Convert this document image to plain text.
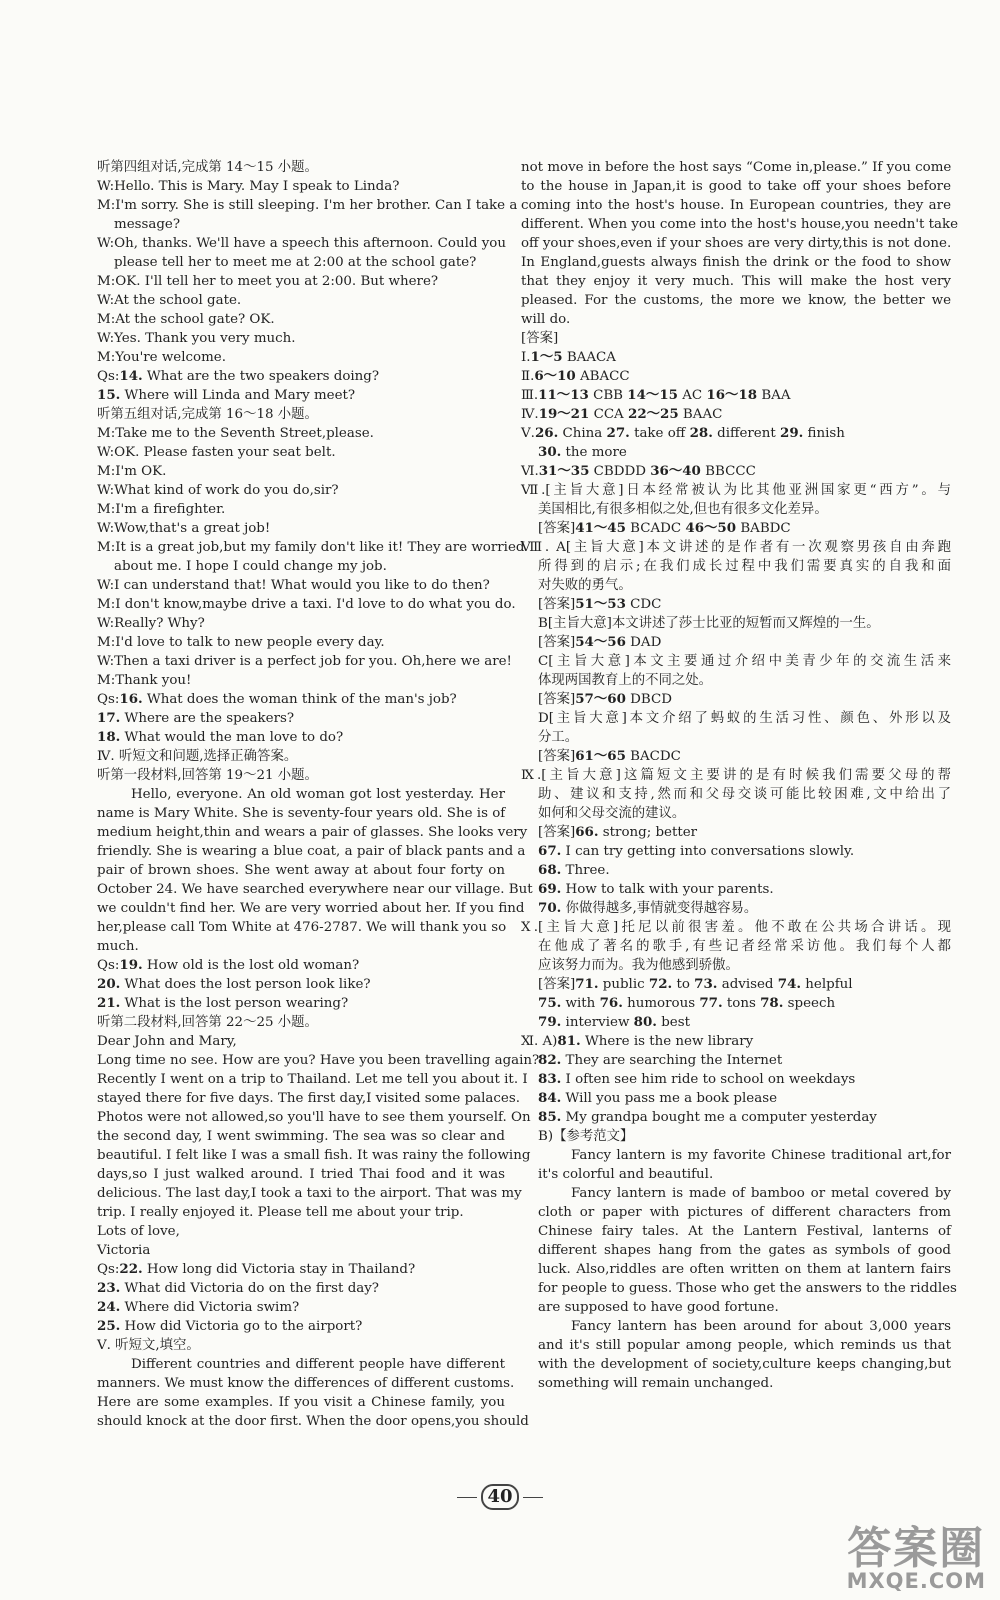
听第四组对话,完成第 14～15 小题。
W:Hello. This is Mary. May I speak to Linda?
M:I'm sorry. She is still sleeping. I'm her brother. Can I take a
message?
W:Oh, thanks. We'll have a speech this afternoon. Could you
please tell her to meet me at 2:00 at the school gate?
M:OK. I'll tell her to meet you at 2:00. But where?
W:At the school gate.
M:At the school gate? OK.
W:Yes. Thank you very much.
M:You're welcome.
Qs:14. What are the two speakers doing?
15. Where will Linda and Mary meet?
听第五组对话,完成第 16～18 小题。
M:Take me to the Seventh Street,please.
W:OK. Please fasten your seat belt.
M:I'm OK.
W:What kind of work do you do,sir?
M:I'm a firefighter.
W:Wow,that's a great job!
M:It is a great job,but my family don't like it! They are worried
about me. I hope I could change my job.
W:I can understand that! What would you like to do then?
M:I don't know,maybe drive a taxi. I'd love to do what you do.
W:Really? Why?
M:I'd love to talk to new people every day.
W:Then a taxi driver is a perfect job for you. Oh,here we are!
M:Thank you!
Qs:16. What does the woman think of the man's job?
17. Where are the speakers?
18. What would the man love to do?
Ⅳ. 听短文和问题,选择正确答案。
听第一段材料,回答第 19～21 小题。
Hello, everyone. An old woman got lost yesterday. Her
name is Mary White. She is seventy-four years old. She is of
medium height,thin and wears a pair of glasses. She looks very
friendly. She is wearing a blue coat, a pair of black pants and a
pair of brown shoes. She went away at about four forty on
October 24. We have searched everywhere near our village. But
we couldn't find her. We are very worried about her. If you find
her,please call Tom White at 476-2787. We will thank you so
much.
Qs:19. How old is the lost old woman?
20. What does the lost person look like?
21. What is the lost person wearing?
听第二段材料,回答第 22～25 小题。
Dear John and Mary,
Long time no see. How are you? Have you been travelling again?
Recently I went on a trip to Thailand. Let me tell you about it. I
stayed there for five days. The first day,I visited some palaces.
Photos were not allowed,so you'll have to see them yourself. On
the second day, I went swimming. The sea was so clear and
beautiful. I felt like I was a small fish. It was rainy the following
days,so I just walked around. I tried Thai food and it was
delicious. The last day,I took a taxi to the airport. That was my
trip. I really enjoyed it. Please tell me about your trip.
Lots of love,
Victoria
Qs:22. How long did Victoria stay in Thailand?
23. What did Victoria do on the first day?
24. Where did Victoria swim?
25. How did Victoria go to the airport?
Ⅴ. 听短文,填空。
Different countries and different people have different
manners. We must know the differences of different customs.
Here are some examples. If you visit a Chinese family, you
should knock at the door first. When the door opens,you should
not move in before the host says “Come in,please.” If you come
to the house in Japan,it is good to take off your shoes before
coming into the host's house. In European countries, they are
different. When you come into the host's house,you needn't take
off your shoes,even if your shoes are very dirty,this is not done.
In England,guests always finish the drink or the food to show
that they enjoy it very much. This will make the host very
pleased. For the customs, the more we know, the better we
will do.
[答案]
Ⅰ.1～5 BAACA
Ⅱ.6～10 ABACC
Ⅲ.11～13 CBB 14～15 AC 16～18 BAA
Ⅳ.19～21 CCA 22～25 BAAC
Ⅴ.26. China 27. take off 28. different 29. finish
30. the more
Ⅵ.31～35 CBDDD 36～40 BBCCC
Ⅶ.[主旨大意]日本经常被认为比其他亚洲国家更“西方”。与
美国相比,有很多相似之处,但也有很多文化差异。
[答案]41～45 BCADC 46～50 BABDC
Ⅷ. A[主旨大意]本文讲述的是作者有一次观察男孩自由奔跑
所得到的启示;在我们成长过程中我们需要真实的自我和面
对失败的勇气。
[答案]51～53 CDC
B[主旨大意]本文讲述了莎士比亚的短暂而又辉煌的一生。
[答案]54～56 DAD
C[主旨大意]本文主要通过介绍中美青少年的交流生活来
体现两国教育上的不同之处。
[答案]57～60 DBCD
D[主旨大意]本文介绍了蚂蚁的生活习性、颜色、外形以及
分工。
[答案]61～65 BACDC
Ⅸ.[主旨大意]这篇短文主要讲的是有时候我们需要父母的帮
助、建议和支持,然而和父母交谈可能比较困难,文中给出了
如何和父母交流的建议。
[答案]66. strong; better
67. I can try getting into conversations slowly.
68. Three.
69. How to talk with your parents.
70. 你做得越多,事情就变得越容易。
Ⅹ.[主旨大意]托尼以前很害羞。他不敢在公共场合讲话。现
在他成了著名的歌手,有些记者经常采访他。我们每个人都
应该努力而为。我为他感到骄傲。
[答案]71. public 72. to 73. advised 74. helpful
75. with 76. humorous 77. tons 78. speech
79. interview 80. best
Ⅺ. A)81. Where is the new library
82. They are searching the Internet
83. I often see him ride to school on weekdays
84. Will you pass me a book please
85. My grandpa bought me a computer yesterday
B)【参考范文】
Fancy lantern is my favorite Chinese traditional art,for
it's colorful and beautiful.
Fancy lantern is made of bamboo or metal covered by
cloth or paper with pictures of different characters from
Chinese fairy tales. At the Lantern Festival, lanterns of
different shapes hang from the gates as symbols of good
luck. Also,riddles are often written on them at lantern fairs
for people to guess. Those who get the answers to the riddles
are supposed to have good fortune.
Fancy lantern has been around for about 3,000 years
and it's still popular among people, which reminds us that
with the development of society,culture keeps changing,but
something will remain unchanged.
40
答案圈
MXQE.COM
